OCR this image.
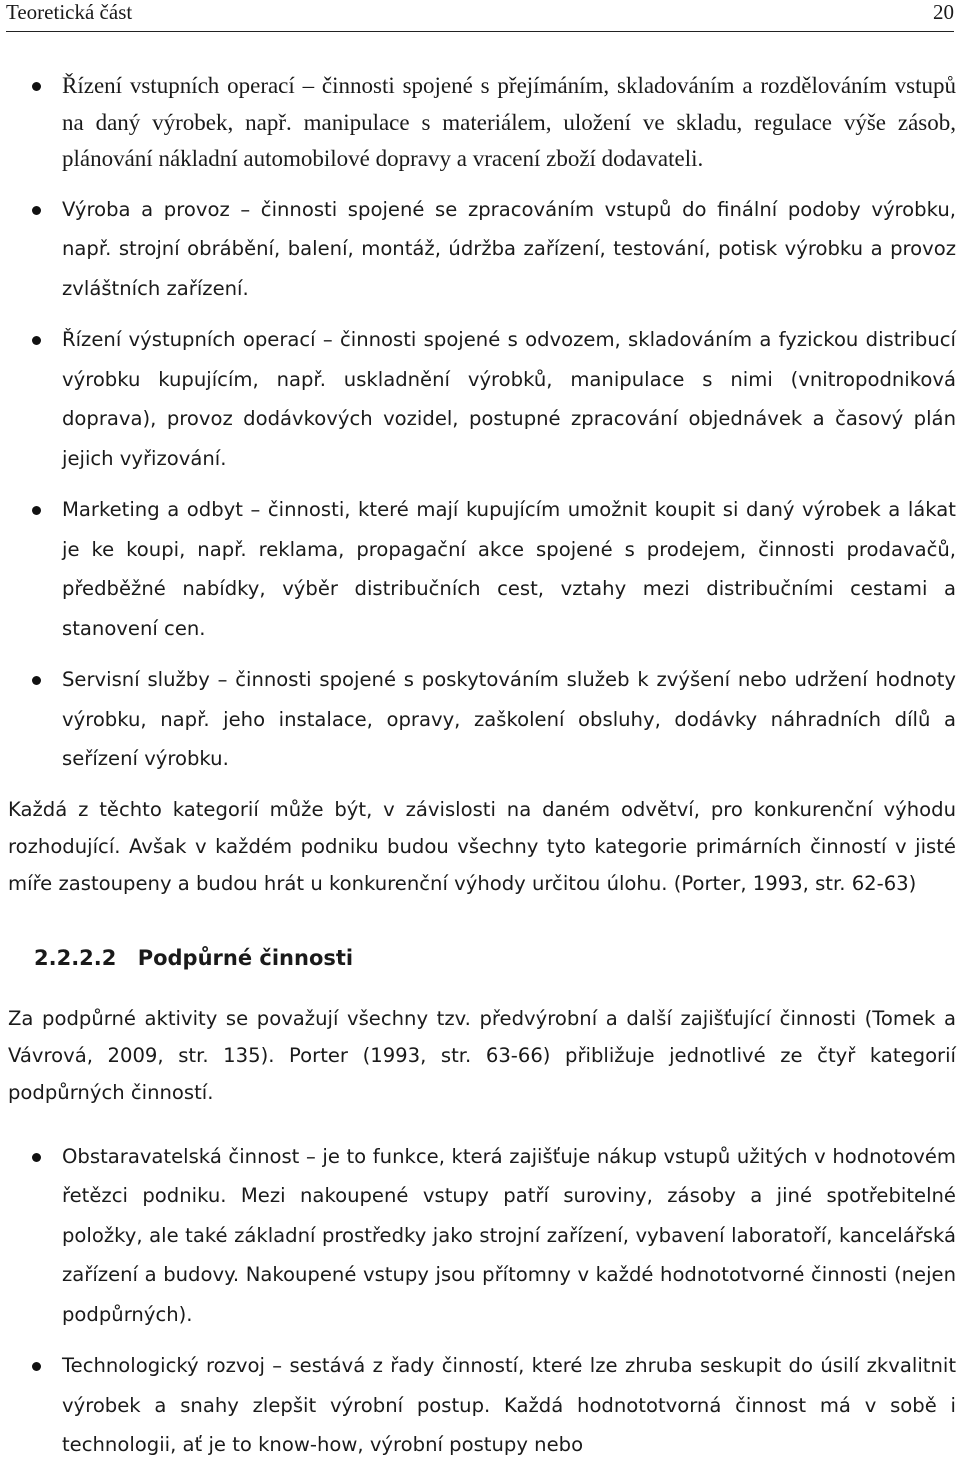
Teoretická část	20
Řízení vstupních operací – činnosti spojené s přejímáním, skladováním a rozdělováním vstupů na daný výrobek, např. manipulace s materiálem, uložení ve skladu, regulace výše zásob, plánování nákladní automobilové dopravy a vracení zboží dodavateli.
Výroba a provoz – činnosti spojené se zpracováním vstupů do finální podoby výrobku, např. strojní obrábění, balení, montáž, údržba zařízení, testování, potisk výrobku a provoz zvláštních zařízení.
Řízení výstupních operací – činnosti spojené s odvozem, skladováním a fyzickou distribucí výrobku kupujícím, např. uskladnění výrobků, manipulace s nimi (vnitropodniková doprava), provoz dodávkových vozidel, postupné zpracování objednávek a časový plán jejich vyřizování.
Marketing a odbyt – činnosti, které mají kupujícím umožnit koupit si daný výrobek a lákat je ke koupi, např. reklama, propagační akce spojené s prodejem, činnosti prodavačů, předběžné nabídky, výběr distribučních cest, vztahy mezi distribučními cestami a stanovení cen.
Servisní služby – činnosti spojené s poskytováním služeb k zvýšení nebo udržení hodnoty výrobku, např. jeho instalace, opravy, zaškolení obsluhy, dodávky náhradních dílů a seřízení výrobku.

Každá z těchto kategorií může být, v závislosti na daném odvětví, pro konkurenční výhodu rozhodující. Avšak v každém podniku budou všechny tyto kategorie primárních činností v jisté míře zastoupeny a budou hrát u konkurenční výhody určitou úlohu. (Porter, 1993, str. 62-63)

2.2.2.2 Podpůrné činnosti

Za podpůrné aktivity se považují všechny tzv. předvýrobní a další zajišťující činnosti (Tomek a Vávrová, 2009, str. 135). Porter (1993, str. 63-66) přibližuje jednotlivé ze čtyř kategorií podpůrných činností.

Obstaravatelská činnost – je to funkce, která zajišťuje nákup vstupů užitých v hodnotovém řetězci podniku. Mezi nakoupené vstupy patří suroviny, zásoby a jiné spotřebitelné položky, ale také základní prostředky jako strojní zařízení, vybavení laboratoří, kancelářská zařízení a budovy. Nakoupené vstupy jsou přítomny v každé hodnototvorné činnosti (nejen podpůrných).
Technologický rozvoj – sestává z řady činností, které lze zhruba seskupit do úsilí zkvalitnit výrobek a snahy zlepšit výrobní postup. Každá hodnototvorná činnost má v sobě i technologii, ať je to know-how, výrobní postupy nebo
